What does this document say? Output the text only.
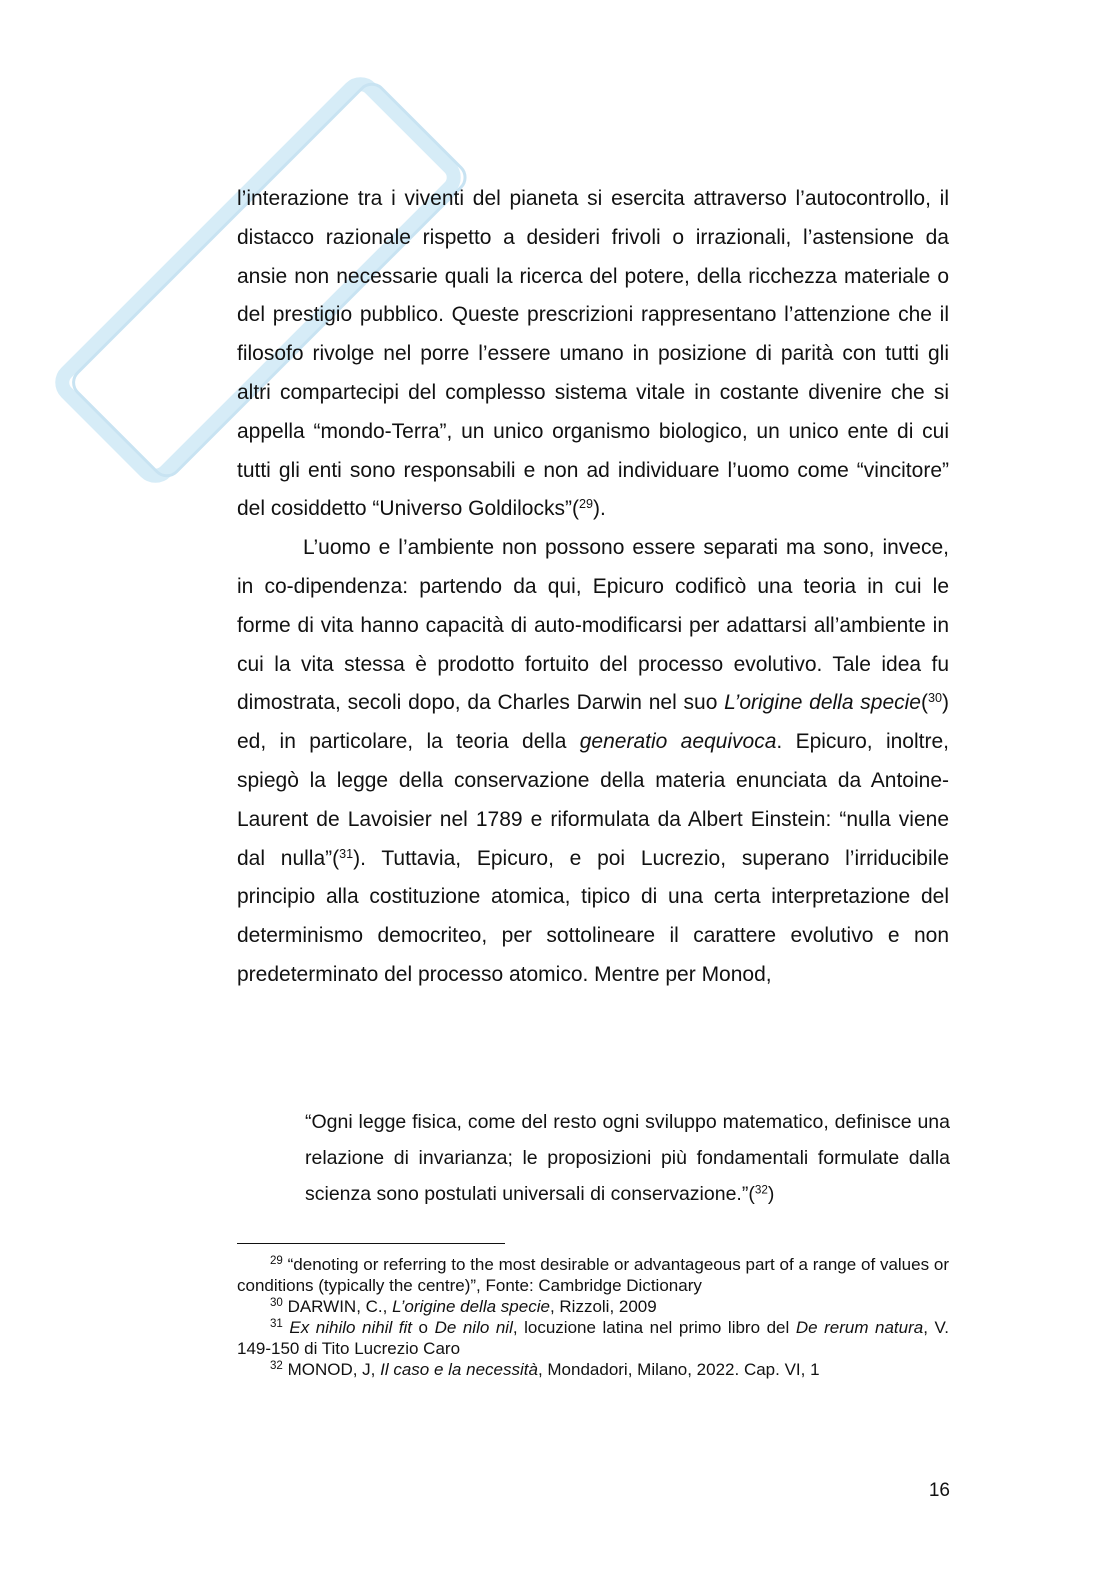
l’interazione tra i viventi del pianeta si esercita attraverso l’autocontrollo, il distacco razionale rispetto a desideri frivoli o irrazionali, l’astensione da ansie non necessarie quali la ricerca del potere, della ricchezza materiale o del prestigio pubblico. Queste prescrizioni rappresentano l’attenzione che il filosofo rivolge nel porre l’essere umano in posizione di parità con tutti gli altri compartecipi del complesso sistema vitale in costante divenire che si appella “mondo-Terra”, un unico organismo biologico, un unico ente di cui tutti gli enti sono responsabili e non ad individuare l’uomo come “vincitore” del cosiddetto “Universo Goldilocks”($^{29}$).

L’uomo e l’ambiente non possono essere separati ma sono, invece, in co-dipendenza: partendo da qui, Epicuro codificò una teoria in cui le forme di vita hanno capacità di auto-modificarsi per adattarsi all’ambiente in cui la vita stessa è prodotto fortuito del processo evolutivo. Tale idea fu dimostrata, secoli dopo, da Charles Darwin nel suo L’origine della specie($^{30}$) ed, in particolare, la teoria della generatio aequivoca. Epicuro, inoltre, spiegò la legge della conservazione della materia enunciata da Antoine-Laurent de Lavoisier nel 1789 e riformulata da Albert Einstein: “nulla viene dal nulla”($^{31}$). Tuttavia, Epicuro, e poi Lucrezio, superano l’irriducibile principio alla costituzione atomica, tipico di una certa interpretazione del determinismo democriteo, per sottolineare il carattere evolutivo e non predeterminato del processo atomico. Mentre per Monod,

“Ogni legge fisica, come del resto ogni sviluppo matematico, definisce una relazione di invarianza; le proposizioni più fondamentali formulate dalla scienza sono postulati universali di conservazione.”($^{32}$)

$^{29}$ “denoting or referring to the most desirable or advantageous part of a range of values or conditions (typically the centre)”, Fonte: Cambridge Dictionary

$^{30}$ DARWIN, C., L’origine della specie, Rizzoli, 2009

$^{31}$ Ex nihilo nihil fit o De nilo nil, locuzione latina nel primo libro del De rerum natura, V. 149-150 di Tito Lucrezio Caro

$^{32}$ MONOD, J, Il caso e la necessità, Mondadori, Milano, 2022. Cap. VI, 1

16
